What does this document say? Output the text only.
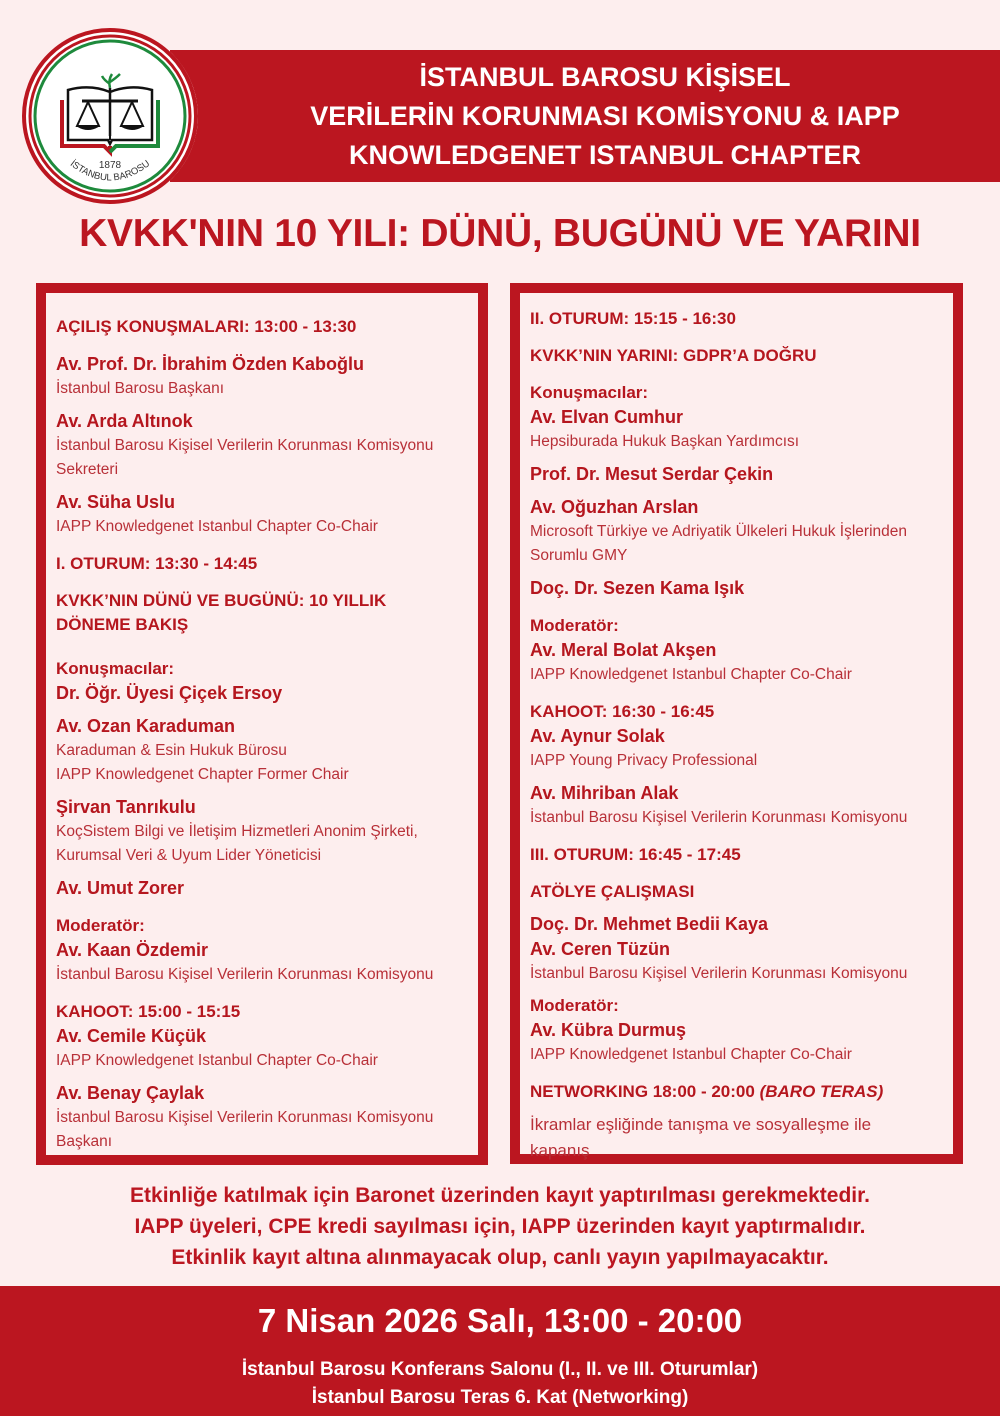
İSTANBUL BAROSU KİŞİSEL
VERİLERİN KORUNMASI KOMİSYONU & IAPP
KNOWLEDGENET ISTANBUL CHAPTER
1878
İSTANBUL BAROSU
KVKK'NIN 10 YILI: DÜNÜ, BUGÜNÜ VE YARINI
AÇILIŞ KONUŞMALARI: 13:00 - 13:30
Av. Prof. Dr. İbrahim Özden Kaboğlu
İstanbul Barosu Başkanı
Av. Arda Altınok
İstanbul Barosu Kişisel Verilerin Korunması Komisyonu
Sekreteri
Av. Süha Uslu
IAPP Knowledgenet Istanbul Chapter Co-Chair
I. OTURUM: 13:30 - 14:45
KVKK’NIN DÜNÜ VE BUGÜNÜ: 10 YILLIK
DÖNEME BAKIŞ
Konuşmacılar:
Dr. Öğr. Üyesi Çiçek Ersoy
Av. Ozan Karaduman
Karaduman & Esin Hukuk Bürosu
IAPP Knowledgenet Chapter Former Chair
Şirvan Tanrıkulu
KoçSistem Bilgi ve İletişim Hizmetleri Anonim Şirketi,
Kurumsal Veri & Uyum Lider Yöneticisi
Av. Umut Zorer
Moderatör:
Av. Kaan Özdemir
İstanbul Barosu Kişisel Verilerin Korunması Komisyonu
KAHOOT: 15:00 - 15:15
Av. Cemile Küçük
IAPP Knowledgenet Istanbul Chapter Co-Chair
Av. Benay Çaylak
İstanbul Barosu Kişisel Verilerin Korunması Komisyonu
Başkanı
II. OTURUM: 15:15 - 16:30
KVKK’NIN YARINI: GDPR’A DOĞRU
Konuşmacılar:
Av. Elvan Cumhur
Hepsiburada Hukuk Başkan Yardımcısı
Prof. Dr. Mesut Serdar Çekin
Av. Oğuzhan Arslan
Microsoft Türkiye ve Adriyatik Ülkeleri Hukuk İşlerinden
Sorumlu GMY
Doç. Dr. Sezen Kama Işık
Moderatör:
Av. Meral Bolat Akşen
IAPP Knowledgenet Istanbul Chapter Co-Chair
KAHOOT: 16:30 - 16:45
Av. Aynur Solak
IAPP Young Privacy Professional
Av. Mihriban Alak
İstanbul Barosu Kişisel Verilerin Korunması Komisyonu
III. OTURUM: 16:45 - 17:45
ATÖLYE ÇALIŞMASI
Doç. Dr. Mehmet Bedii Kaya
Av. Ceren Tüzün
İstanbul Barosu Kişisel Verilerin Korunması Komisyonu
Moderatör:
Av. Kübra Durmuş
IAPP Knowledgenet Istanbul Chapter Co-Chair
NETWORKING 18:00 - 20:00 (BARO TERAS)
İkramlar eşliğinde tanışma ve sosyalleşme ile
kapanış
Etkinliğe katılmak için Baronet üzerinden kayıt yaptırılması gerekmektedir.
IAPP üyeleri, CPE kredi sayılması için, IAPP üzerinden kayıt yaptırmalıdır.
Etkinlik kayıt altına alınmayacak olup, canlı yayın yapılmayacaktır.
7 Nisan 2026 Salı, 13:00 - 20:00
İstanbul Barosu Konferans Salonu (I., II. ve III. Oturumlar)
İstanbul Barosu Teras 6. Kat (Networking)
